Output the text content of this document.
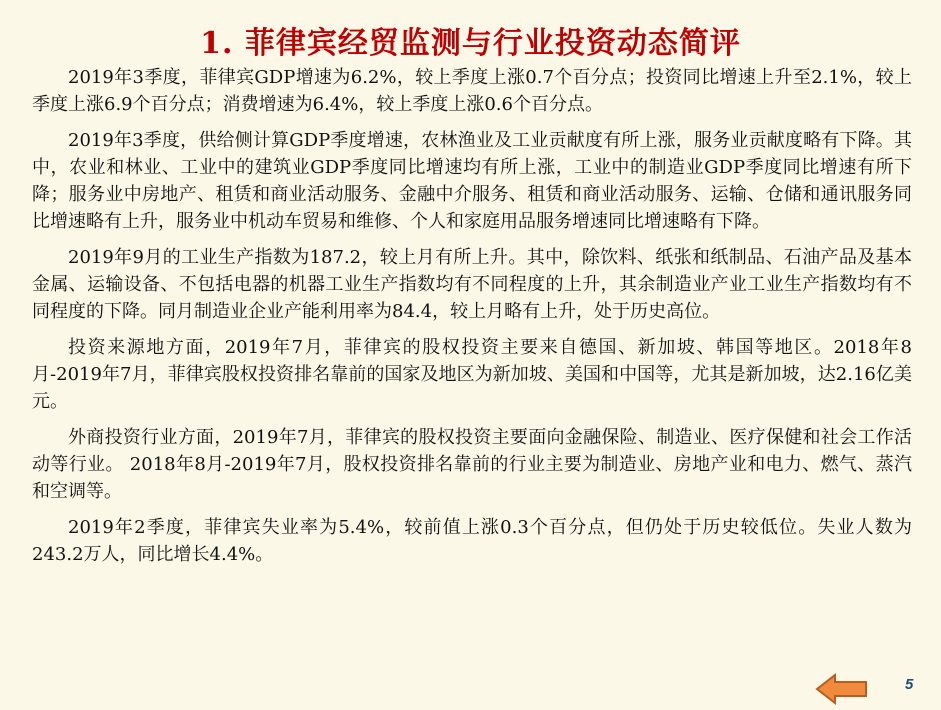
1. 菲律宾经贸监测与行业投资动态简评

2019年3季度，菲律宾GDP增速为6.2%，较上季度上涨0.7个百分点；投资同比增速上升至2.1%，较上季度上涨6.9个百分点；消费增速为6.4%，较上季度上涨0.6个百分点。

2019年3季度，供给侧计算GDP季度增速，农林渔业及工业贡献度有所上涨，服务业贡献度略有下降。其中，农业和林业、工业中的建筑业GDP季度同比增速均有所上涨，工业中的制造业GDP季度同比增速有所下降；服务业中房地产、租赁和商业活动服务、金融中介服务、租赁和商业活动服务、运输、仓储和通讯服务同比增速略有上升，服务业中机动车贸易和维修、个人和家庭用品服务增速同比增速略有下降。

2019年9月的工业生产指数为187.2，较上月有所上升。其中，除饮料、纸张和纸制品、石油产品及基本金属、运输设备、不包括电器的机器工业生产指数均有不同程度的上升，其余制造业产业工业生产指数均有不同程度的下降。同月制造业企业产能利用率为84.4，较上月略有上升，处于历史高位。

投资来源地方面，2019年7月，菲律宾的股权投资主要来自德国、新加坡、韩国等地区。2018年8月-2019年7月，菲律宾股权投资排名靠前的国家及地区为新加坡、美国和中国等，尤其是新加坡，达2.16亿美元。

外商投资行业方面，2019年7月，菲律宾的股权投资主要面向金融保险、制造业、医疗保健和社会工作活动等行业。 2018年8月-2019年7月，股权投资排名靠前的行业主要为制造业、房地产业和电力、燃气、蒸汽和空调等。

2019年2季度，菲律宾失业率为5.4%，较前值上涨0.3个百分点，但仍处于历史较低位。失业人数为243.2万人，同比增长4.4%。

5
